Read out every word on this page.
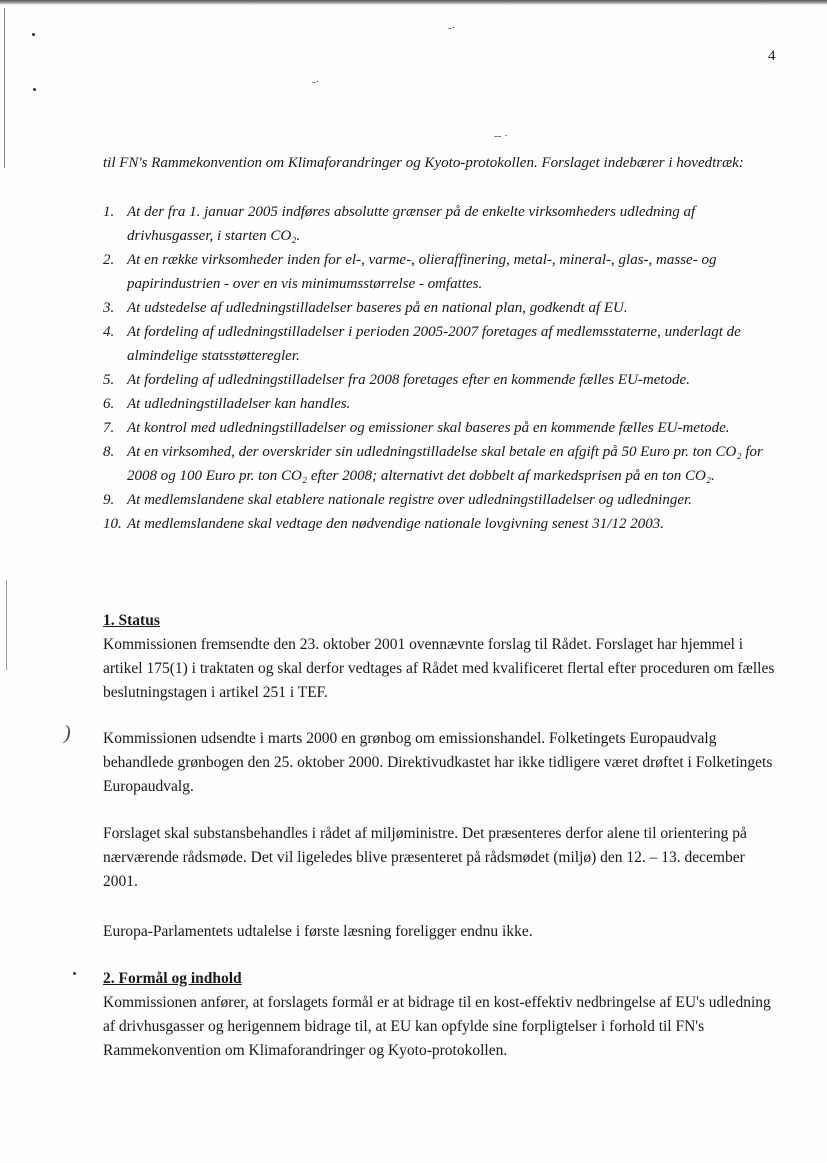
-·
-·
-- ·
4
til FN's Rammekonvention om Klimaforandringer og Kyoto-protokollen. Forslaget indebærer i hovedtræk:
1. At der fra 1. januar 2005 indføres absolutte grænser på de enkelte virksomheders udledning af drivhusgasser, i starten CO₂.
2. At en række virksomheder inden for el-, varme-, olieraffinering, metal-, mineral-, glas-, masse- og papirindustrien - over en vis minimumsstørrelse - omfattes.
3. At udstedelse af udledningstilladelser baseres på en national plan, godkendt af EU.
4. At fordeling af udledningstilladelser i perioden 2005-2007 foretages af medlemsstaterne, underlagt de almindelige statsstøtteregler.
5. At fordeling af udledningstilladelser fra 2008 foretages efter en kommende fælles EU-metode.
6. At udledningstilladelser kan handles.
7. At kontrol med udledningstilladelser og emissioner skal baseres på en kommende fælles EU-metode.
8. At en virksomhed, der overskrider sin udledningstilladelse skal betale en afgift på 50 Euro pr. ton CO₂ for 2008 og 100 Euro pr. ton CO₂ efter 2008; alternativt det dobbelt af markedsprisen på en ton CO₂.
9. At medlemslandene skal etablere nationale registre over udledningstilladelser og udledninger.
10. At medlemslandene skal vedtage den nødvendige nationale lovgivning senest 31/12 2003.
1. Status
Kommissionen fremsendte den 23. oktober 2001 ovennævnte forslag til Rådet. Forslaget har hjemmel i artikel 175(1) i traktaten og skal derfor vedtages af Rådet med kvalificeret flertal efter proceduren om fælles beslutningstagen i artikel 251 i TEF.
Kommissionen udsendte i marts 2000 en grønbog om emissionshandel. Folketingets Europaudvalg behandlede grønbogen den 25. oktober 2000. Direktivudkastet har ikke tidligere været drøftet i Folketingets Europaudvalg.
Forslaget skal substansbehandles i rådet af miljøministre. Det præsenteres derfor alene til orientering på nærværende rådsmøde. Det vil ligeledes blive præsenteret på rådsmødet (miljø) den 12. – 13. december 2001.
Europa-Parlamentets udtalelse i første læsning foreligger endnu ikke.
2. Formål og indhold
Kommissionen anfører, at forslagets formål er at bidrage til en kost-effektiv nedbringelse af EU's udledning af drivhusgasser og herigennem bidrage til, at EU kan opfylde sine forpligtelser i forhold til FN's Rammekonvention om Klimaforandringer og Kyoto-protokollen.
)
